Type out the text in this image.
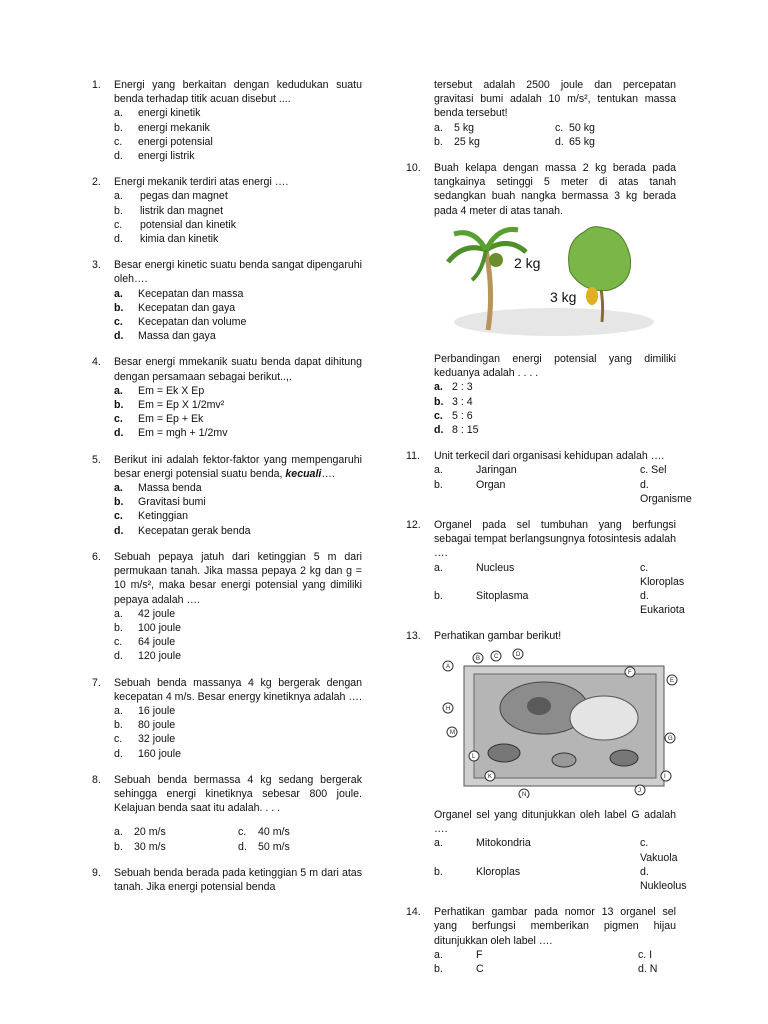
1. Energi yang berkaitan dengan kedudukan suatu benda terhadap titik acuan disebut ....
a.	energi kinetik
b.	energi mekanik
c.	energi potensial
d.	energi listrik
2. Energi mekanik terdiri atas energi ….
a.	pegas dan magnet
b.	listrik dan magnet
c.	potensial dan kinetik
d.	kimia dan kinetik
3. Besar energi kinetic suatu benda sangat dipengaruhi oleh….
a.	Kecepatan dan massa
b.	Kecepatan dan gaya
c.	Kecepatan dan volume
d.	Massa dan gaya
4. Besar energi mmekanik suatu benda dapat dihitung dengan persamaan sebagai berikut..,.
a.	Em = Ek X Ep
b.	Em = Ep X 1/2mv²
c.	Em = Ep + Ek
d.	Em = mgh + 1/2mv
5. Berikut ini adalah fektor-faktor yang mempengaruhi besar energi potensial suatu benda, kecuali….
a.	Massa benda
b.	Gravitasi bumi
c.	Ketinggian
d.	Kecepatan gerak benda
6. Sebuah pepaya jatuh dari ketinggian 5 m dari permukaan tanah. Jika massa pepaya 2 kg dan g = 10 m/s², maka besar energi potensial yang dimiliki pepaya adalah ….
a.	42 joule
b.	100 joule
c.	64 joule
d.	120 joule
7. Sebuah benda massanya 4 kg bergerak dengan kecepatan 4 m/s. Besar energy kinetiknya adalah ….
a.	16 joule
b.	80 joule
c.	32 joule
d.	160 joule
8. Sebuah benda bermassa 4 kg sedang bergerak sehingga energi kinetiknya sebesar 800 joule. Kelajuan benda saat itu adalah. . . .
a.	20 m/s	c.	40 m/s
b.	30 m/s	d.	50 m/s
9. Sebuah benda berada pada ketinggian 5 m dari atas tanah. Jika energi potensial benda
tersebut adalah 2500 joule dan percepatan gravitasi bumi adalah 10 m/s², tentukan massa benda tersebut!
a.	5 kg	c. 50 kg
b.	25 kg	d. 65 kg
10. Buah kelapa dengan massa 2 kg berada pada tangkainya setinggi 5 meter di atas tanah sedangkan buah nangka bermassa 3 kg berada pada 4 meter di atas tanah.
2 kg
3 kg
Perbandingan energi potensial yang dimiliki keduanya adalah . . . .
a. 2 : 3
b. 3 : 4
c. 5 : 6
d. 8 : 15
11. Unit terkecil dari organisasi kehidupan adalah ….
a.	Jaringan	c. Sel
b.	Organ	d. Organisme
12. Organel pada sel tumbuhan yang berfungsi sebagai tempat berlangsungnya fotosintesis adalah ….
a.	Nucleus	c. Kloroplas
b.	Sitoplasma	d. Eukariota
13. Perhatikan gambar berikut!
A
B C	D
E
F
G
H
I
J
K
L
M
N
Organel sel yang ditunjukkan oleh label G adalah ….
a.	Mitokondria	c. Vakuola
b.	Kloroplas	d. Nukleolus
14. Perhatikan gambar pada nomor 13 organel sel yang berfungsi memberikan pigmen hijau ditunjukkan oleh label ….
a.	F	c. I
b.	C	d. N
